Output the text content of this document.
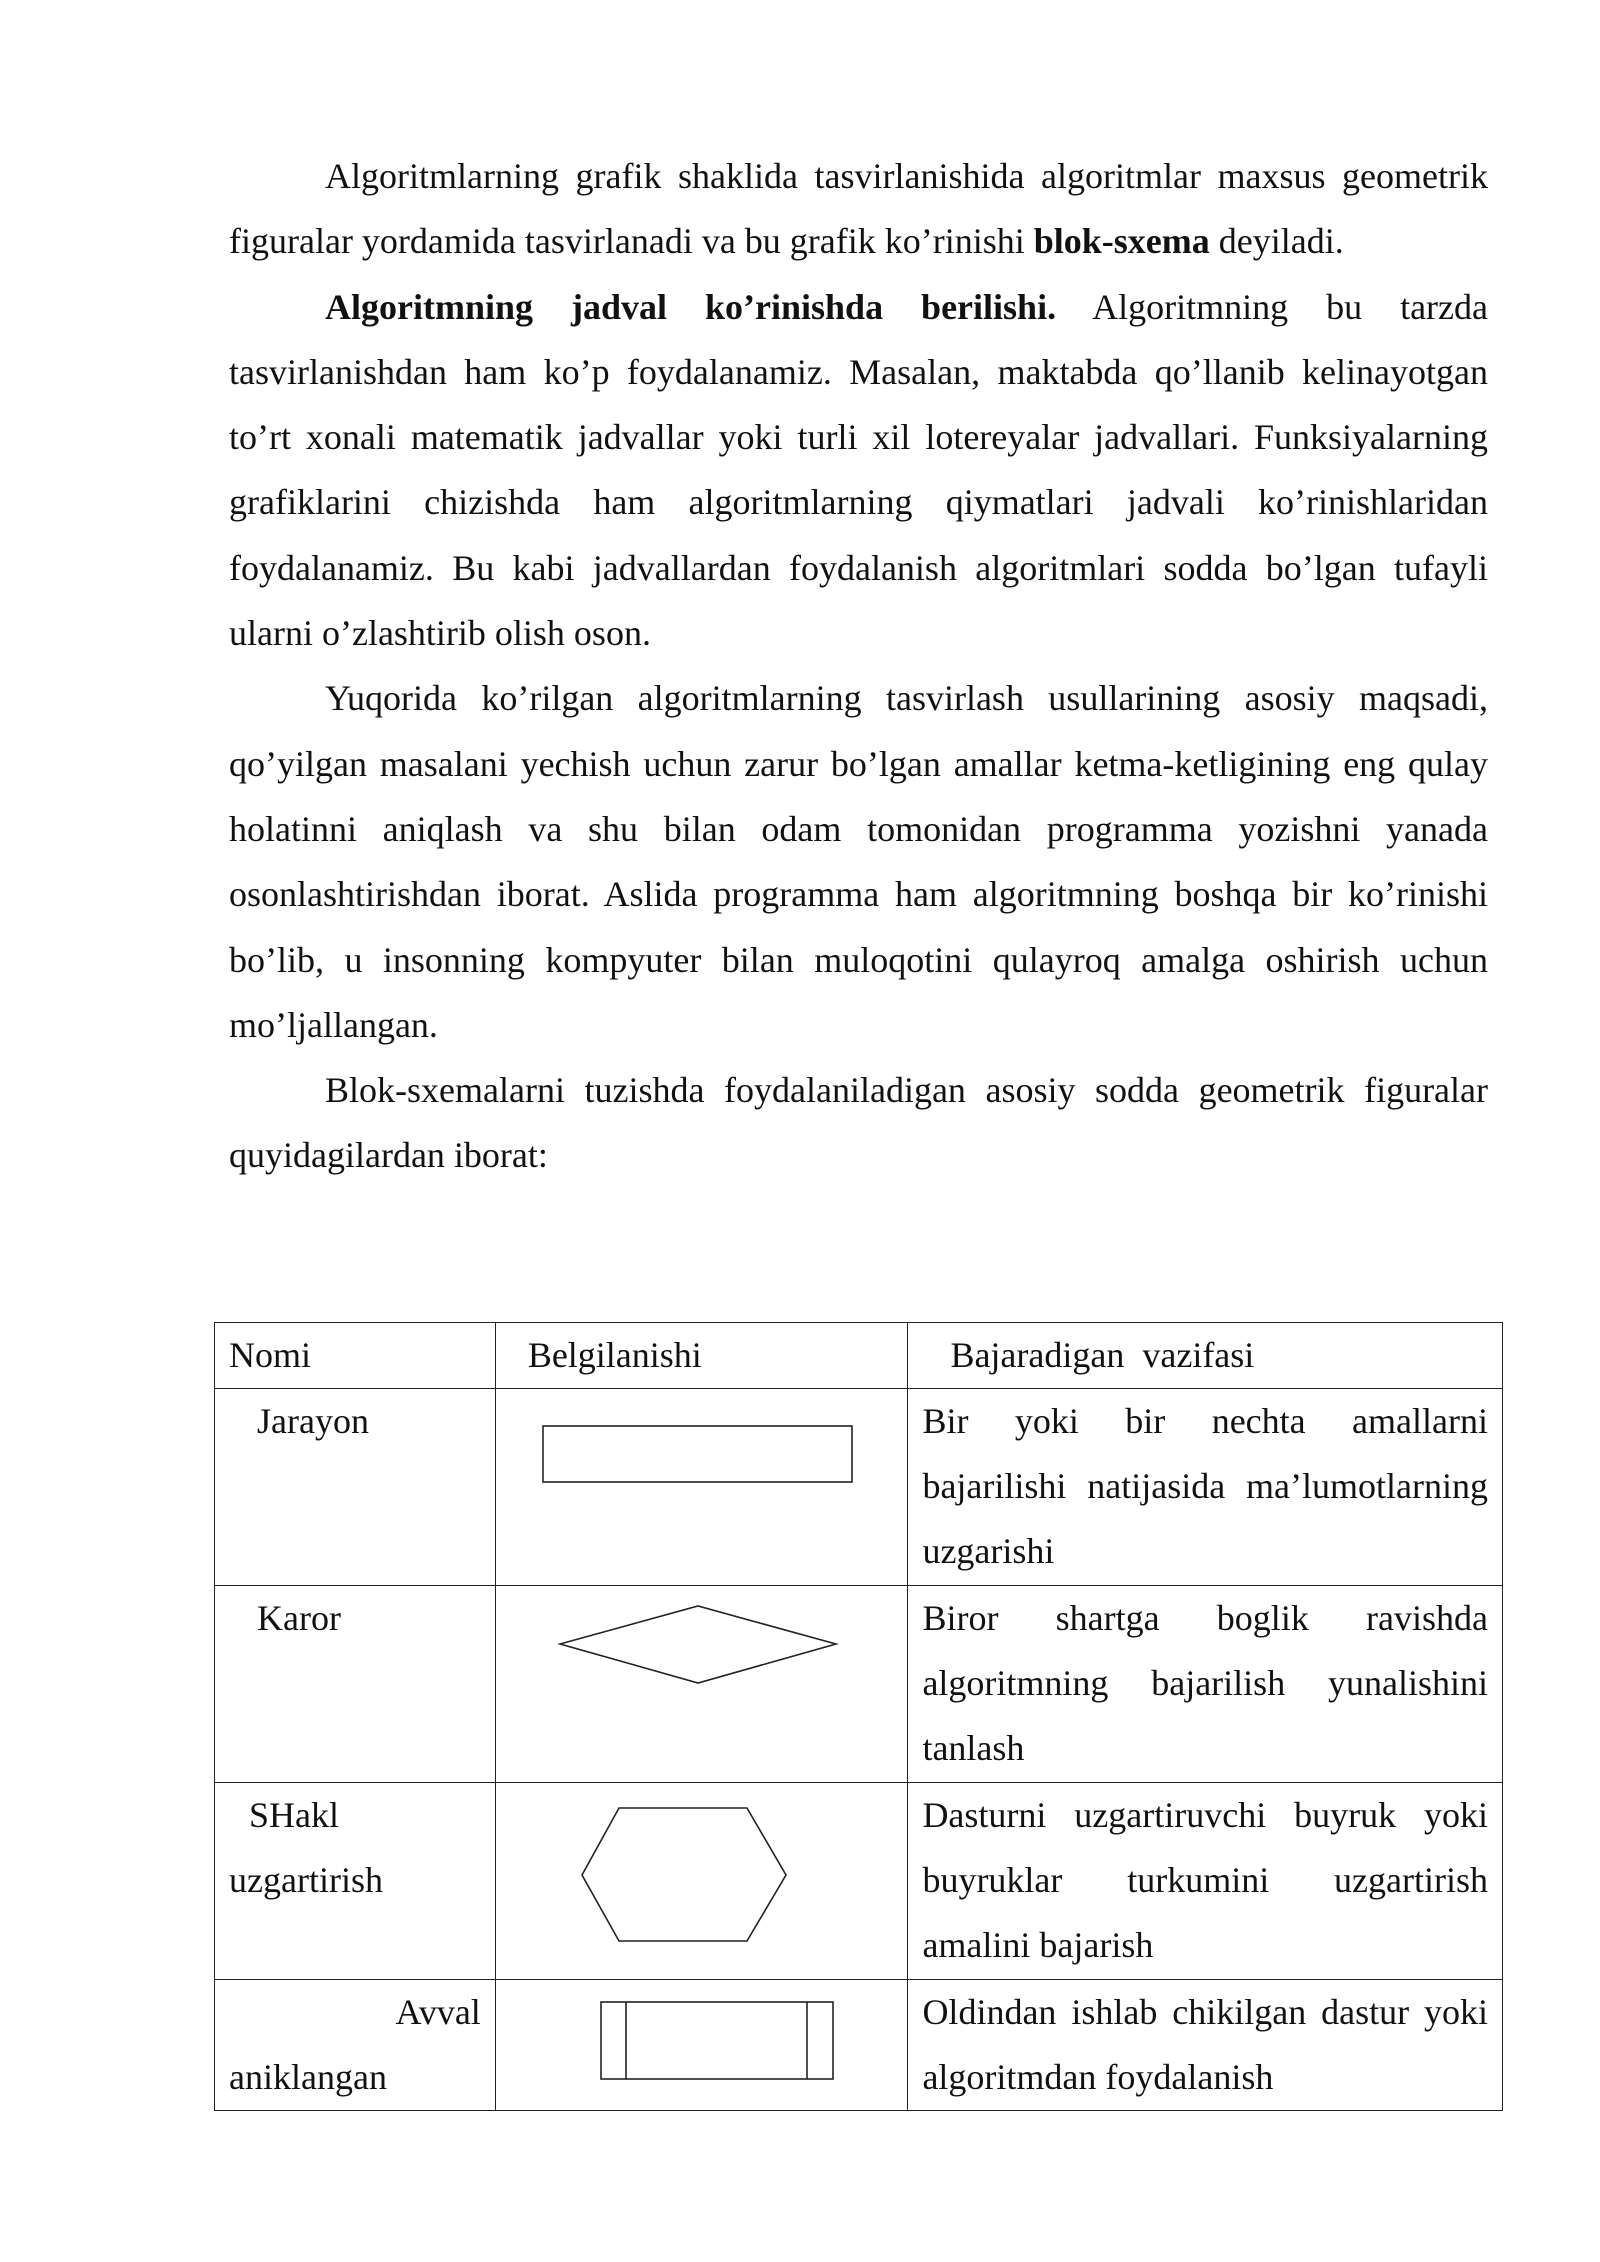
Algoritmlarning grafik shaklida tasvirlanishida algoritmlar maxsus geometrik figuralar yordamida tasvirlanadi va bu grafik ko’rinishi blok-sxema deyiladi.

Algoritmning jadval ko’rinishda berilishi. Algoritmning bu tarzda tasvirlanishdan ham ko’p foydalanamiz. Masalan, maktabda qo’llanib kelinayotgan to’rt xonali matematik jadvallar yoki turli xil lotereyalar jadvallari. Funksiyalarning grafiklarini chizishda ham algoritmlarning qiymatlari jadvali ko’rinishlaridan foydalanamiz. Bu kabi jadvallardan foydalanish algoritmlari sodda bo’lgan tufayli ularni o’zlashtirib olish oson.

Yuqorida ko’rilgan algoritmlarning tasvirlash usullarining asosiy maqsadi, qo’yilgan masalani yechish uchun zarur bo’lgan amallar ketma-ketligining eng qulay holatinni aniqlash va shu bilan odam tomonidan programma yozishni yanada osonlashtirishdan iborat. Aslida programma ham algoritmning boshqa bir ko’rinishi bo’lib, u insonning kompyuter bilan muloqotini qulayroq amalga oshirish uchun mo’ljallangan.

Blok-sxemalarni tuzishda foydalaniladigan asosiy sodda geometrik figuralar quyidagilardan iborat:

Nomi	Belgilanishi	Bajaradigan  vazifasi

Jarayon		Bir yoki bir nechta amallarni bajarilishi natijasida ma’lumotlarning uzgarishi

Karor		Biror shartga boglik ravishda algoritmning bajarilish yunalishini tanlash

SHakl
uzgartirish		Dasturni uzgartiruvchi buyruk yoki buyruklar turkumini uzgartirish amalini bajarish

Avval
aniklangan		Oldindan ishlab chikilgan dastur yoki algoritmdan foydalanish
